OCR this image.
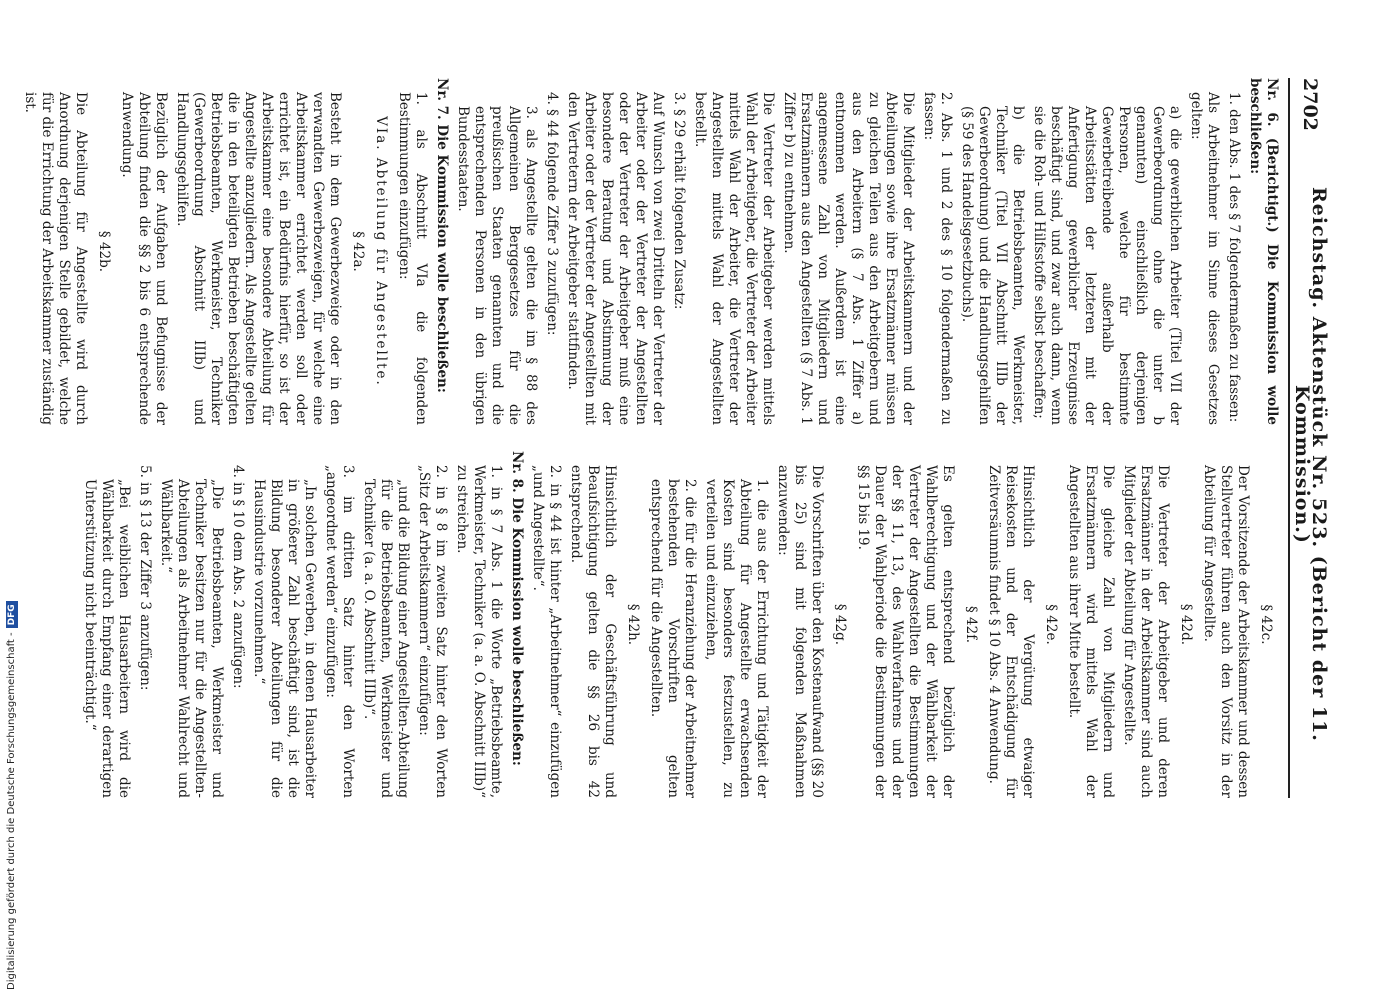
2702
Reichstag. Aktenstück Nr. 523. (Bericht der 11. Kommission.)

Nr. 6. (Berichtigt.) Die Kommission wolle beschließen:

1. den Abs. 1 des § 7 folgendermaßen zu fassen:

Als Arbeitnehmer im Sinne dieses Gesetzes gelten:

a) die gewerblichen Arbeiter (Titel VII der Gewerbeordnung ohne die unter b genannten) einschließlich derjenigen Personen, welche für bestimmte Gewerbetreibende außerhalb der Arbeitsstätten der letzteren mit der Anfertigung gewerblicher Erzeugnisse beschäftigt sind, und zwar auch dann, wenn sie die Roh- und Hilfsstoffe selbst beschaffen;

b) die Betriebsbeamten, Werkmeister, Techniker (Titel VII Abschnitt IIIb der Gewerbeordnung) und die Handlungsgehilfen (§ 59 des Handelsgesetzbuchs).

2. Abs. 1 und 2 des § 10 folgendermaßen zu fassen:

Die Mitglieder der Arbeitskammern und der Abteilungen sowie ihre Ersatzmänner müssen zu gleichen Teilen aus den Arbeitgebern und aus den Arbeitern (§ 7 Abs. 1 Ziffer a) entnommen werden. Außerdem ist eine angemessene Zahl von Mitgliedern und Ersatzmännern aus den Angestellten (§ 7 Abs. 1 Ziffer b) zu entnehmen.

Die Vertreter der Arbeitgeber werden mittels Wahl der Arbeitgeber, die Vertreter der Arbeiter mittels Wahl der Arbeiter, die Vertreter der Angestellten mittels Wahl der Angestellten bestellt.

3. § 29 erhält folgenden Zusatz:

Auf Wunsch von zwei Dritteln der Vertreter der Arbeiter oder der Vertreter der Angestellten oder der Vertreter der Arbeitgeber muß eine besondere Beratung und Abstimmung der Arbeiter oder der Vertreter der Angestellten mit den Vertretern der Arbeitgeber stattfinden.

4. § 44 folgende Ziffer 3 zuzufügen:

3. als Angestellte gelten die im § 88 des Allgemeinen Berggesetzes für die preußischen Staaten genannten und die entsprechenden Personen in den übrigen Bundesstaaten.

Nr. 7. Die Kommission wolle beschließen:

1. als Abschnitt VIa die folgenden Bestimmungen einzufügen:

VIa. Abteilung für Angestellte.

§ 42a.

Besteht in dem Gewerbezweige oder in den verwandten Gewerbezweigen, für welche eine Arbeitskammer errichtet werden soll oder errichtet ist, ein Bedürfnis hierfür, so ist der Arbeitskammer eine besondere Abteilung für Angestellte anzugliedern. Als Angestellte gelten die in den beteiligten Betrieben beschäftigten Betriebsbeamten, Werkmeister, Techniker (Gewerbeordnung Abschnitt IIIb) und Handlungsgehilfen.

Bezüglich der Aufgaben und Befugnisse der Abteilung finden die §§ 2 bis 6 entsprechende Anwendung.

§ 42b.

Die Abteilung für Angestellte wird durch Anordnung derjenigen Stelle gebildet, welche für die Errichtung der Arbeitskammer zuständig ist.

§ 42c.

Der Vorsitzende der Arbeitskammer und dessen Stellvertreter führen auch den Vorsitz in der Abteilung für Angestellte.

§ 42d.

Die Vertreter der Arbeitgeber und deren Ersatzmänner in der Arbeitskammer sind auch Mitglieder der Abteilung für Angestellte.

Die gleiche Zahl von Mitgliedern und Ersatzmännern wird mittels Wahl der Angestellten aus ihrer Mitte bestellt.

§ 42e.

Hinsichtlich der Vergütung etwaiger Reisekosten und der Entschädigung für Zeitversäumnis findet § 10 Abs. 4 Anwendung.

§ 42f.

Es gelten entsprechend bezüglich der Wahlberechtigung und der Wählbarkeit der Vertreter der Angestellten die Bestimmungen der §§ 11, 13, des Wahlverfahrens und der Dauer der Wahlperiode die Bestimmungen der §§ 15 bis 19.

§ 42g.

Die Vorschriften über den Kostenaufwand (§§ 20 bis 25) sind mit folgenden Maßnahmen anzuwenden:

1. die aus der Errichtung und Tätigkeit der Abteilung für Angestellte erwachsenden Kosten sind besonders festzustellen, zu verteilen und einzuziehen,

2. die für die Heranziehung der Arbeitnehmer bestehenden Vorschriften gelten entsprechend für die Angestellten.

§ 42h.

Hinsichtlich der Geschäftsführung und Beaufsichtigung gelten die §§ 26 bis 42 entsprechend.

2. in § 44 ist hinter „Arbeitnehmer“ einzufügen „und Angestellte“.

Nr. 8. Die Kommission wolle beschließen:

1. in § 7 Abs. 1 die Worte „Betriebsbeamte, Werkmeister, Techniker (a. a. O. Abschnitt IIIb)“ zu streichen.

2. in § 8 im zweiten Satz hinter den Worten „Sitz der Arbeitskammern“ einzufügen:

„und die Bildung einer Angestellten-Abteilung für die Betriebsbeamten, Werkmeister und Techniker (a. a. O. Abschnitt IIIb)“.

3. im dritten Satz hinter den Worten „angeordnet werden“ einzufügen:

„In solchen Gewerben, in denen Hausarbeiter in größerer Zahl beschäftigt sind, ist die Bildung besonderer Abteilungen für die Hausindustrie vorzunehmen.“

4. in § 10 dem Abs. 2 anzufügen:

„Die Betriebsbeamten, Werkmeister und Techniker besitzen nur für die Angestellten-Abteilungen als Arbeitnehmer Wahlrecht und Wählbarkeit.“

5. in § 13 der Ziffer 3 anzufügen:

„Bei weiblichen Hausarbeitern wird die Wählbarkeit durch Empfang einer derartigen Unterstützung nicht beeinträchtigt.“

Digitalisierung gefördert durch die Deutsche Forschungsgemeinschaft -
DFG
